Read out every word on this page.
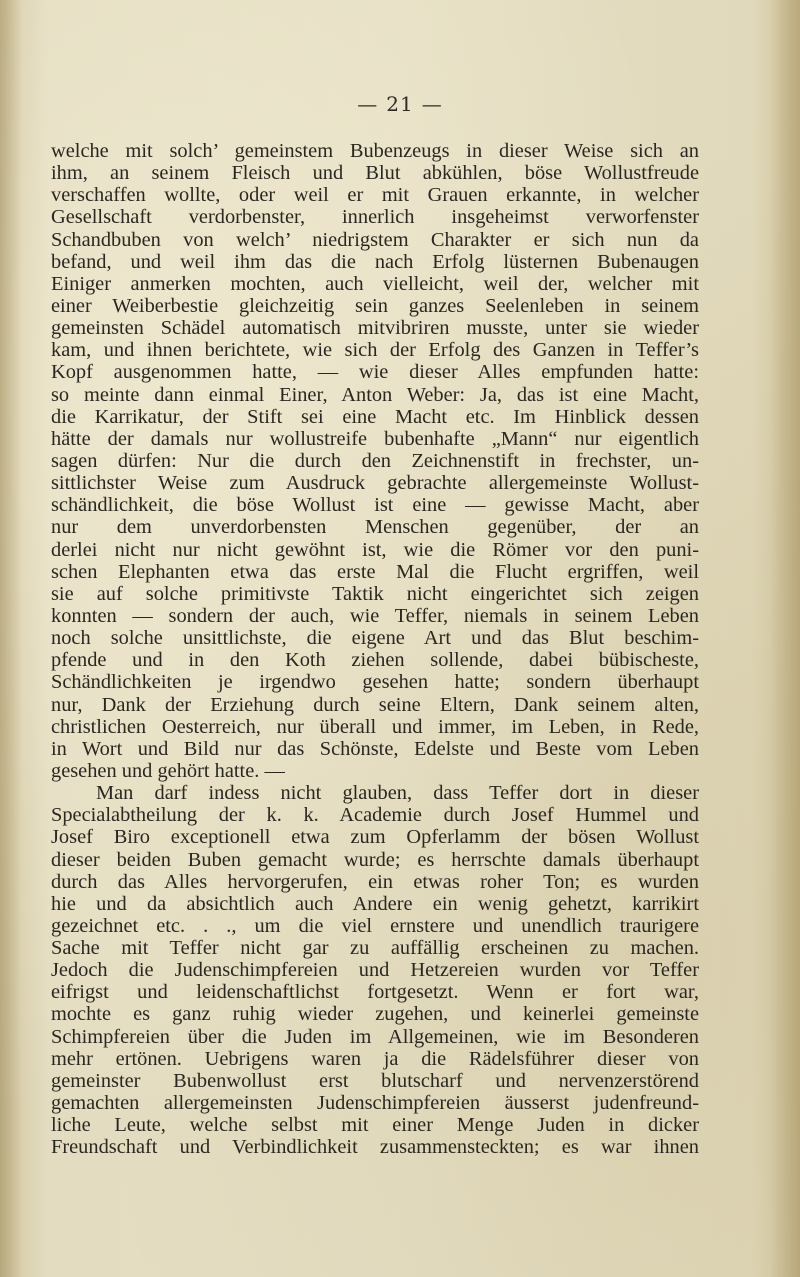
— 21 —
welche mit solch’ gemeinstem Bubenzeugs in dieser Weise sich an
ihm, an seinem Fleisch und Blut abkühlen, böse Wollustfreude
verschaffen wollte, oder weil er mit Grauen erkannte, in welcher
Gesellschaft verdorbenster, innerlich insgeheimst verworfenster
Schandbuben von welch’ niedrigstem Charakter er sich nun da
befand, und weil ihm das die nach Erfolg lüsternen Bubenaugen
Einiger anmerken mochten, auch vielleicht, weil der, welcher mit
einer Weiberbestie gleichzeitig sein ganzes Seelenleben in seinem
gemeinsten Schädel automatisch mitvibriren musste, unter sie wieder
kam, und ihnen berichtete, wie sich der Erfolg des Ganzen in Teffer’s
Kopf ausgenommen hatte, — wie dieser Alles empfunden hatte:
so meinte dann einmal Einer, Anton Weber: Ja, das ist eine Macht,
die Karrikatur, der Stift sei eine Macht etc. Im Hinblick dessen
hätte der damals nur wollustreife bubenhafte „Mann“ nur eigentlich
sagen dürfen: Nur die durch den Zeichnenstift in frechster, un-
sittlichster Weise zum Ausdruck gebrachte allergemeinste Wollust-
schändlichkeit, die böse Wollust ist eine — gewisse Macht, aber
nur dem unverdorbensten Menschen gegenüber, der an
derlei nicht nur nicht gewöhnt ist, wie die Römer vor den puni-
schen Elephanten etwa das erste Mal die Flucht ergriffen, weil
sie auf solche primitivste Taktik nicht eingerichtet sich zeigen
konnten — sondern der auch, wie Teffer, niemals in seinem Leben
noch solche unsittlichste, die eigene Art und das Blut beschim-
pfende und in den Koth ziehen sollende, dabei bübischeste,
Schändlichkeiten je irgendwo gesehen hatte; sondern überhaupt
nur, Dank der Erziehung durch seine Eltern, Dank seinem alten,
christlichen Oesterreich, nur überall und immer, im Leben, in Rede,
in Wort und Bild nur das Schönste, Edelste und Beste vom Leben
gesehen und gehört hatte. —
Man darf indess nicht glauben, dass Teffer dort in dieser
Specialabtheilung der k. k. Academie durch Josef Hummel und
Josef Biro exceptionell etwa zum Opferlamm der bösen Wollust
dieser beiden Buben gemacht wurde; es herrschte damals überhaupt
durch das Alles hervorgerufen, ein etwas roher Ton; es wurden
hie und da absichtlich auch Andere ein wenig gehetzt, karrikirt
gezeichnet etc. . ., um die viel ernstere und unendlich traurigere
Sache mit Teffer nicht gar zu auffällig erscheinen zu machen.
Jedoch die Judenschimpfereien und Hetzereien wurden vor Teffer
eifrigst und leidenschaftlichst fortgesetzt. Wenn er fort war,
mochte es ganz ruhig wieder zugehen, und keinerlei gemeinste
Schimpfereien über die Juden im Allgemeinen, wie im Besonderen
mehr ertönen. Uebrigens waren ja die Rädelsführer dieser von
gemeinster Bubenwollust erst blutscharf und nervenzerstörend
gemachten allergemeinsten Judenschimpfereien äusserst judenfreund-
liche Leute, welche selbst mit einer Menge Juden in dicker
Freundschaft und Verbindlichkeit zusammensteckten; es war ihnen
